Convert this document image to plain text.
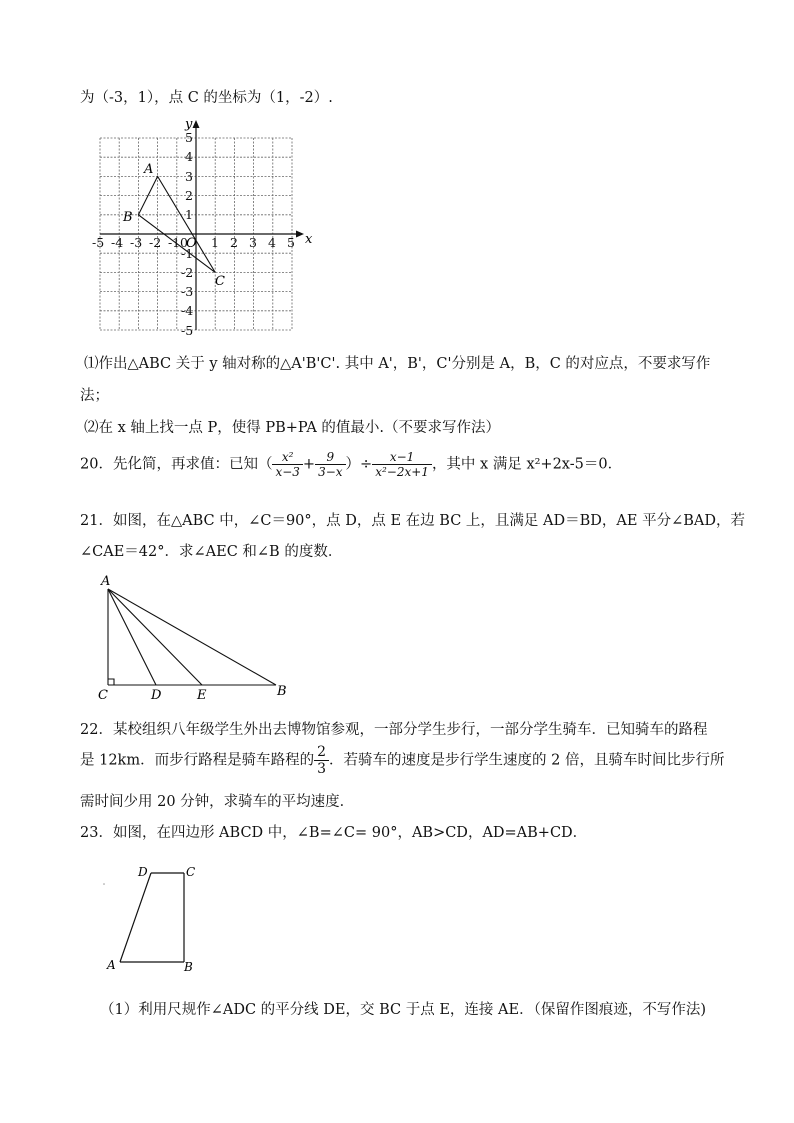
为（-3，1），点 C 的坐标为（1，-2）.
x
y
-5 -4 -3 -2 -1 0 1 2 3 4 5
O
5
4
3
2
1
-1
-2
-3
-4
-5
A
B
C
⑴作出△ABC 关于 y 轴对称的△A'B'C'. 其中 A'，B'，C'分别是 A，B，C 的对应点，不要求写作
法；
⑵在 x 轴上找一点 P，使得 PB+PA 的值最小.（不要求写作法）
20．先化简，再求值：已知（ $\frac{\text{x²}}{x-3} + \frac{9}{3-x}$ ）÷ $\frac{x-1}{\text{x²−2x+1}}$ ，其中 x 满足 x²+2x-5＝0．
21．如图，在△ABC 中，∠C＝90°，点 D，点 E 在边 BC 上，且满足 AD＝BD，AE 平分∠BAD，若
∠CAE＝42°．求∠AEC 和∠B 的度数．
A
C	D	E	B
22．某校组织八年级学生外出去博物馆参观，一部分学生步行，一部分学生骑车．已知骑车的路程
是 12km．而步行路程是骑车路程的 $\frac{2}{3}$ ．若骑车的速度是步行学生速度的 2 倍，且骑车时间比步行所
需时间少用 20 分钟，求骑车的平均速度．
23．如图，在四边形 ABCD 中，∠B=∠C= 90°，AB>CD，AD=AB+CD．
D	C
A	B
（1）利用尺规作∠ADC 的平分线 DE，交 BC 于点 E，连接 AE．（保留作图痕迹，不写作法)
